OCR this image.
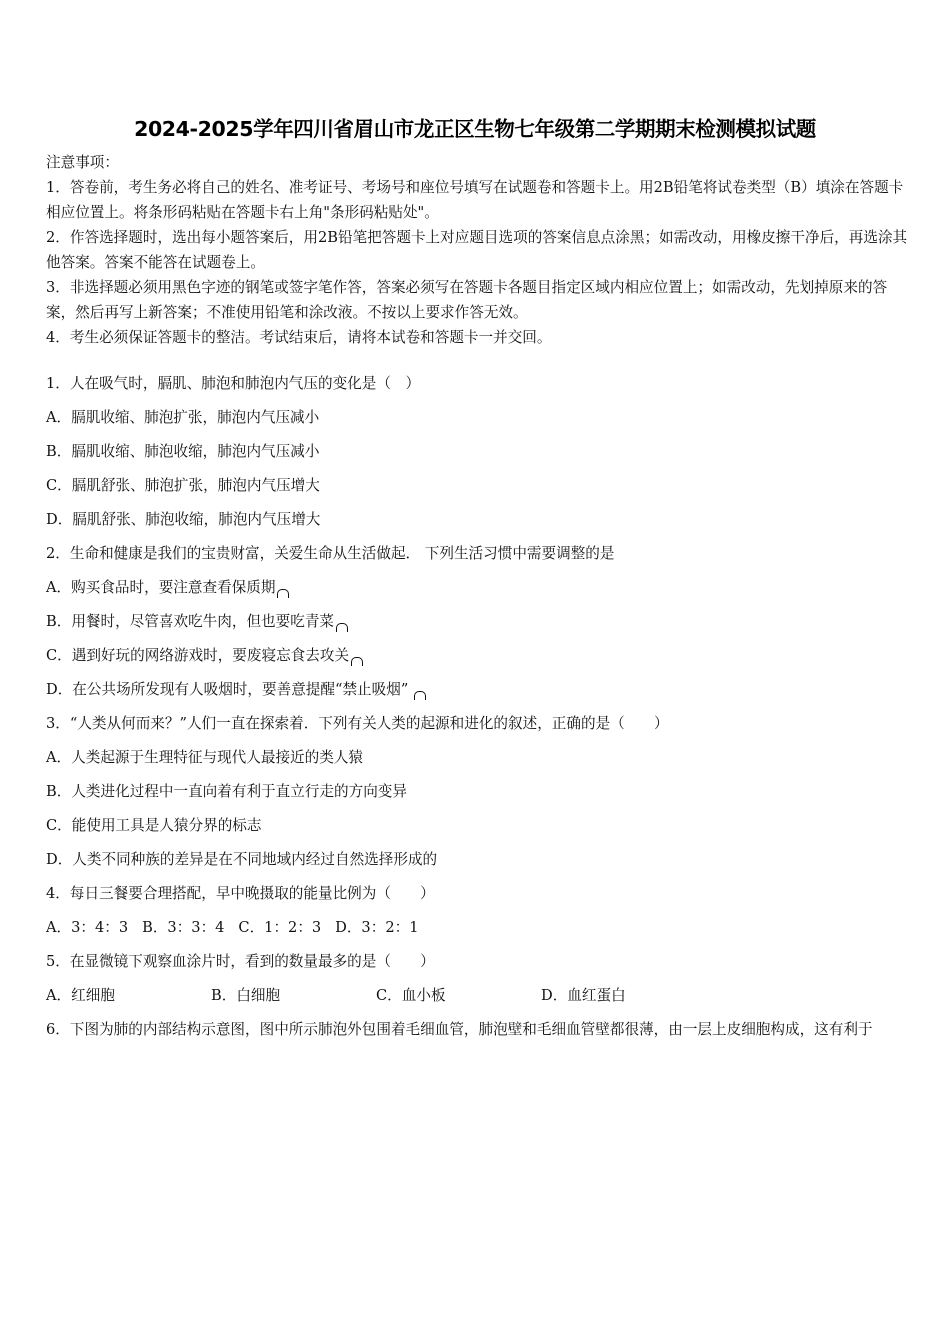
2024-2025学年四川省眉山市龙正区生物七年级第二学期期末检测模拟试题
注意事项：
1．答卷前，考生务必将自己的姓名、准考证号、考场号和座位号填写在试题卷和答题卡上。用2B铅笔将试卷类型（B）填涂在答题卡相应位置上。将条形码粘贴在答题卡右上角"条形码粘贴处"。
2．作答选择题时，选出每小题答案后，用2B铅笔把答题卡上对应题目选项的答案信息点涂黑；如需改动，用橡皮擦干净后，再选涂其他答案。答案不能答在试题卷上。
3．非选择题必须用黑色字迹的钢笔或签字笔作答，答案必须写在答题卡各题目指定区域内相应位置上；如需改动，先划掉原来的答案，然后再写上新答案；不准使用铅笔和涂改液。不按以上要求作答无效。
4．考生必须保证答题卡的整洁。考试结束后，请将本试卷和答题卡一并交回。
1．人在吸气时，膈肌、肺泡和肺泡内气压的变化是（　）
A．膈肌收缩、肺泡扩张，肺泡内气压减小
B．膈肌收缩、肺泡收缩，肺泡内气压减小
C．膈肌舒张、肺泡扩张，肺泡内气压增大
D．膈肌舒张、肺泡收缩，肺泡内气压增大
2．生命和健康是我们的宝贵财富，关爱生命从生活做起． 下列生活习惯中需要调整的是
A．购买食品时，要注意查看保质期
B．用餐时，尽管喜欢吃牛肉，但也要吃青菜
C．遇到好玩的网络游戏时，要废寝忘食去攻关
D．在公共场所发现有人吸烟时，要善意提醒“禁止吸烟”
3．“人类从何而来？”人们一直在探索着．下列有关人类的起源和进化的叙述，正确的是（　　）
A．人类起源于生理特征与现代人最接近的类人猿
B．人类进化过程中一直向着有利于直立行走的方向变异
C．能使用工具是人猿分界的标志
D．人类不同种族的差异是在不同地域内经过自然选择形成的
4．每日三餐要合理搭配，早中晚摄取的能量比例为（　　）
A．3：4：3 B．3：3：4 C．1：2：3 D．3：2：1
5．在显微镜下观察血涂片时，看到的数量最多的是（　　）
A．红细胞	B．白细胞	C．血小板	D．血红蛋白
6．下图为肺的内部结构示意图，图中所示肺泡外包围着毛细血管，肺泡壁和毛细血管壁都很薄，由一层上皮细胞构成，这有利于
